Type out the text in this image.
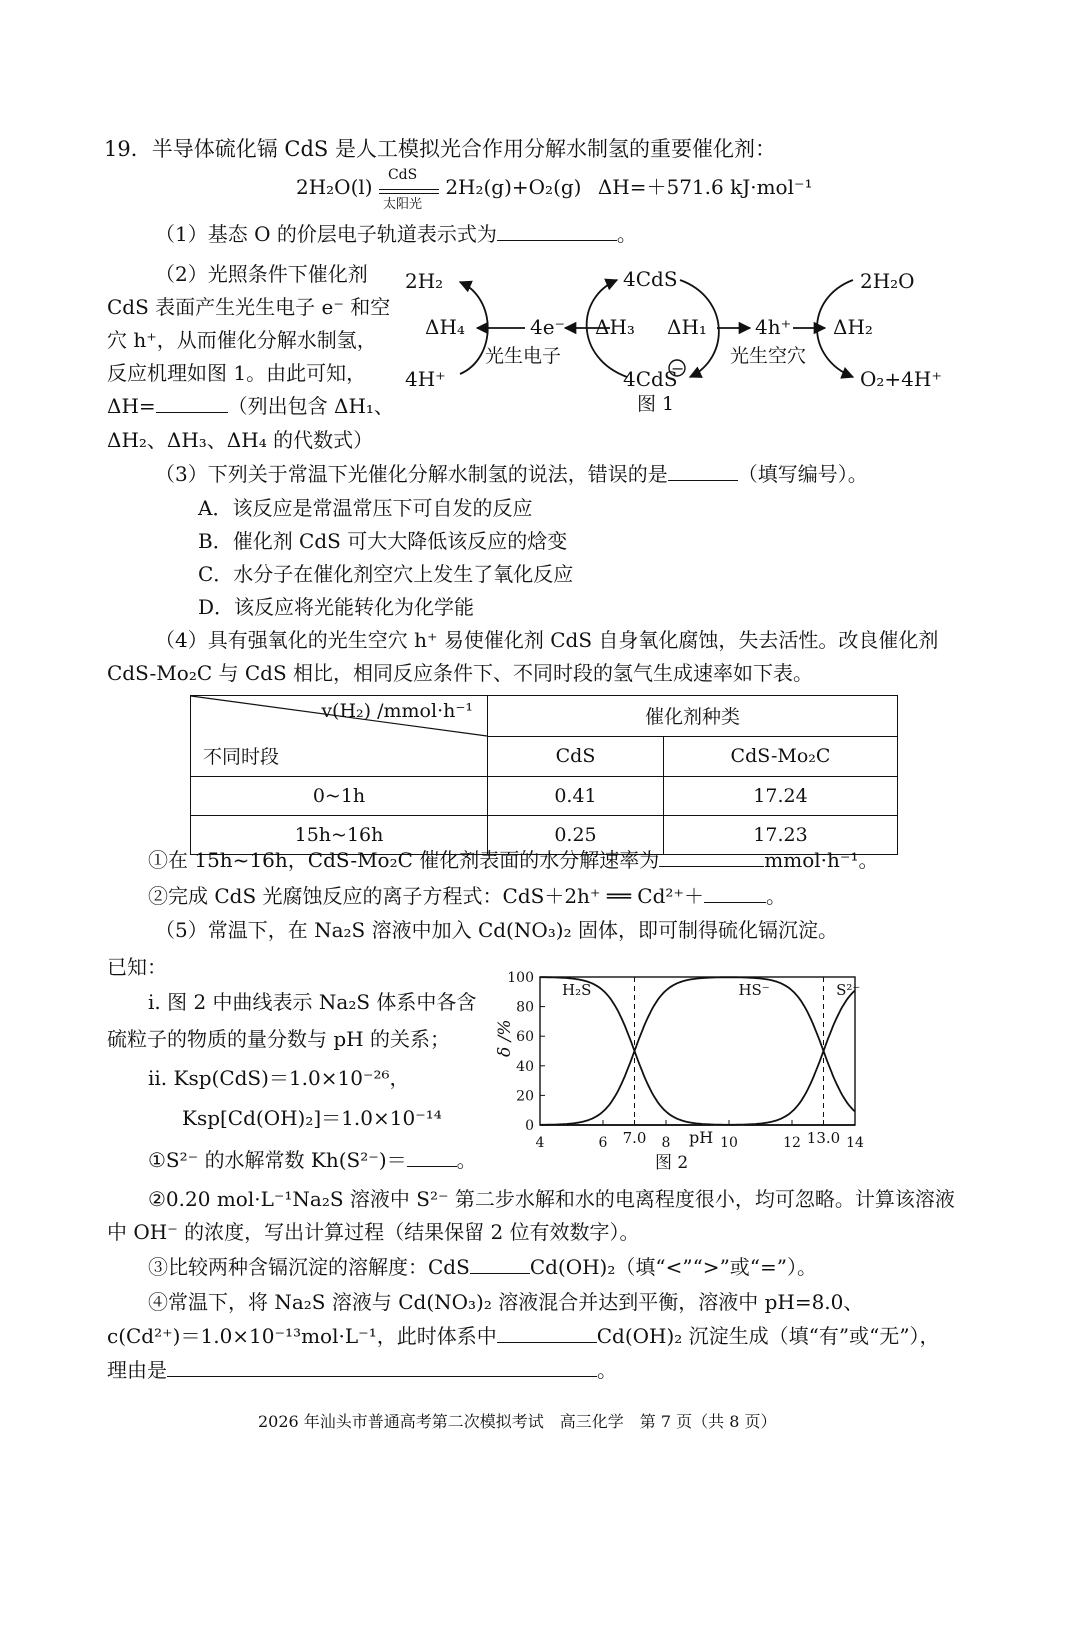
19．半导体硫化镉 CdS 是人工模拟光合作用分解水制氢的重要催化剂：
2H₂O(l)
CdS
太阳光
2H₂(g)+O₂(g) ΔH=＋571.6 kJ·mol⁻¹
（1）基态 O 的价层电子轨道表示式为	。
（2）光照条件下催化剂
CdS 表面产生光生电子 e⁻ 和空
穴 h⁺，从而催化分解水制氢，
反应机理如图 1。由此可知，
ΔH=	（列出包含 ΔH₁、
ΔH₂、ΔH₃、ΔH₄ 的代数式）
2H₂
4H⁺
ΔH₄	4e⁻
光生电子
4CdS
4CdS
ΔH₃ ΔH₁
−
4h⁺
光生空穴
ΔH₂
2H₂O
O₂+4H⁺
图 1
（3）下列关于常温下光催化分解水制氢的说法，错误的是	（填写编号）。
A．该反应是常温常压下可自发的反应
B．催化剂 CdS 可大大降低该反应的焓变
C．水分子在催化剂空穴上发生了氧化反应
D．该反应将光能转化为化学能
（4）具有强氧化的光生空穴 h⁺ 易使催化剂 CdS 自身氧化腐蚀，失去活性。改良催化剂
CdS-Mo₂C 与 CdS 相比，相同反应条件下、不同时段的氢气生成速率如下表。
v(H₂) /mmol·h⁻¹
不同时段	催化剂种类	
	CdS	CdS-Mo₂C
0~1h	0.41	17.24
15h~16h	0.25	17.23
①在 15h~16h，CdS-Mo₂C 催化剂表面的水分解速率为	mmol·h⁻¹。
②完成 CdS 光腐蚀反应的离子方程式：CdS＋2h⁺ ══ Cd²⁺＋	。
（5）常温下，在 Na₂S 溶液中加入 Cd(NO₃)₂ 固体，即可制得硫化镉沉淀。
已知：
ⅰ. 图 2 中曲线表示 Na₂S 体系中各含
硫粒子的物质的量分数与 pH 的关系；
ⅱ. Ksp(CdS)＝1.0×10⁻²⁶，
Ksp[Cd(OH)₂]＝1.0×10⁻¹⁴	0
20
40
60
80
100
4	6 7.0 8	10	12 13.0 14
H₂S	HS⁻	S²⁻
pH
图 2
δ /%
①S²⁻ 的水解常数 Kh(S²⁻)＝	。
②0.20 mol·L⁻¹Na₂S 溶液中 S²⁻ 第二步水解和水的电离程度很小，均可忽略。计算该溶液
中 OH⁻ 的浓度，写出计算过程（结果保留 2 位有效数字）。
③比较两种含镉沉淀的溶解度：CdS	Cd(OH)₂（填“<”“>”或“=”）。
④常温下，将 Na₂S 溶液与 Cd(NO₃)₂ 溶液混合并达到平衡，溶液中 pH=8.0、
c(Cd²⁺)＝1.0×10⁻¹³mol·L⁻¹，此时体系中	Cd(OH)₂ 沉淀生成（填“有”或“无”），
理由是	。
2026 年汕头市普通高考第二次模拟考试　高三化学　第 7 页（共 8 页）
